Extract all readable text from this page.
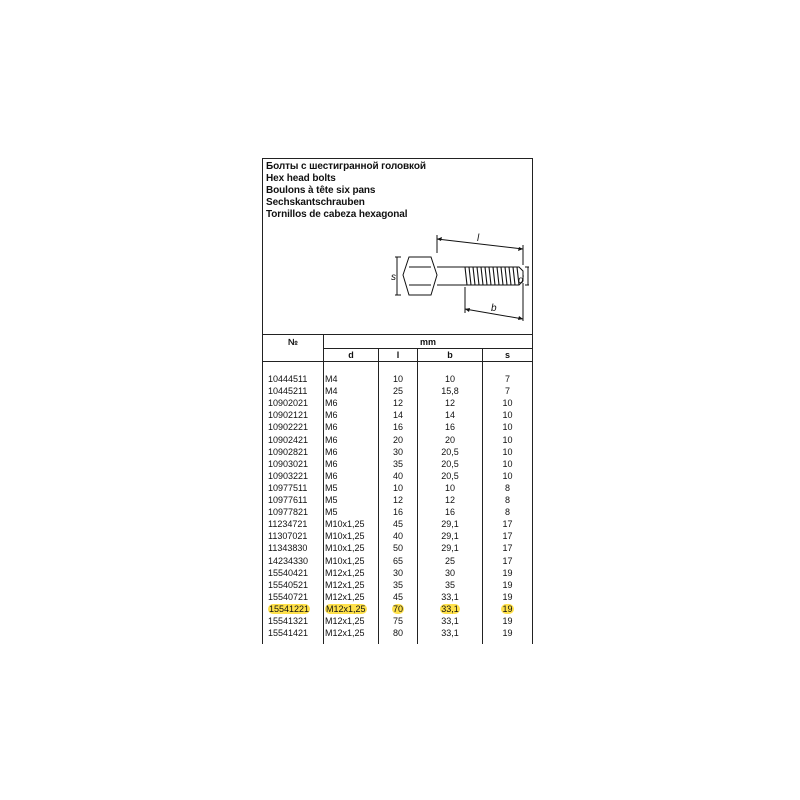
Болты с шестигранной головкой
Hex head bolts
Boulons à tête six pans
Sechskantschrauben
Tornillos de cabeza hexagonal
l
s
b
d
№	mm
d	l	b	s
10444511 M4	10	10	7
10445211 M4	25	15,8	7
10902021 M6	12	12	10
10902121 M6	14	14	10
10902221 M6	16	16	10
10902421 M6	20	20	10
10902821 M6	30	20,5	10
10903021 M6	35	20,5	10
10903221 M6	40	20,5	10
10977511 M5	10	10	8
10977611 M5	12	12	8
10977821 M5	16	16	8
11234721 M10x1,25	45	29,1	17
11307021 M10x1,25	40	29,1	17
11343830 M10x1,25	50	29,1	17
14234330 M10x1,25	65	25	17
15540421 M12x1,25	30	30	19
15540521 M12x1,25	35	35	19
15540721 M12x1,25	45	33,1	19
15541221 M12x1,25	70	33,1	19
15541321 M12x1,25	75	33,1	19
15541421 M12x1,25	80	33,1	19
